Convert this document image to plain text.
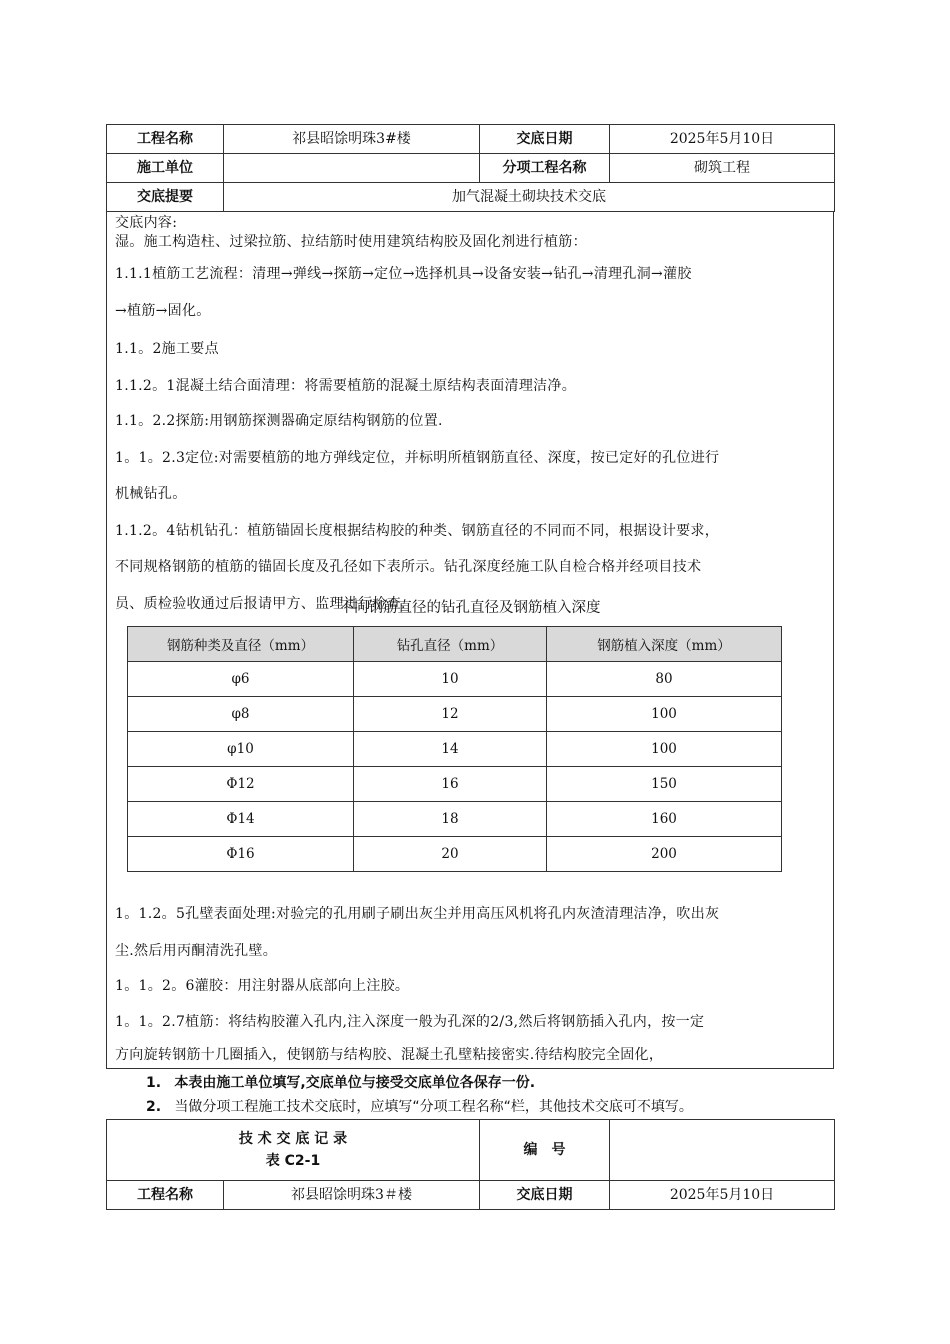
工程名称	祁县昭馀明珠3#楼	交底日期	2025年5月10日
施工单位		分项工程名称	砌筑工程
交底提要	加气混凝土砌块技术交底		

交底内容:

湿。施工构造柱、过梁拉筋、拉结筋时使用建筑结构胶及固化剂进行植筋：

1.1.1植筋工艺流程：清理→弹线→探筋→定位→选择机具→设备安装→钻孔→清理孔洞→灌胶

→植筋→固化。

1.1。2施工要点

1.1.2。1混凝土结合面清理：将需要植筋的混凝土原结构表面清理洁净。

1.1。2.2探筋:用钢筋探测器确定原结构钢筋的位置.

1。1。2.3定位:对需要植筋的地方弹线定位，并标明所植钢筋直径、深度，按已定好的孔位进行

机械钻孔。

1.1.2。4钻机钻孔：植筋锚固长度根据结构胶的种类、钢筋直径的不同而不同，根据设计要求，

不同规格钢筋的植筋的锚固长度及孔径如下表所示。钻孔深度经施工队自检合格并经项目技术

员、质检验收通过后报请甲方、监理进行检查.

不同钢筋直径的钻孔直径及钢筋植入深度
钢筋种类及直径（mm）	钻孔直径（mm）	钢筋植入深度（mm）
φ6	10	80
φ8	12	100
φ10	14	100
Φ12	16	150
Φ14	18	160
Φ16	20	200

1。1.2。5孔壁表面处理:对验完的孔用刷子刷出灰尘并用高压风机将孔内灰渣清理洁净，吹出灰

尘.然后用丙酮清洗孔壁。

1。1。2。6灌胶：用注射器从底部向上注胶。

1。1。2.7植筋：将结构胶灌入孔内,注入深度一般为孔深的2/3,然后将钢筋插入孔内，按一定

方向旋转钢筋十几圈插入，使钢筋与结构胶、混凝土孔壁粘接密实.待结构胶完全固化，

1. 本表由施工单位填写,交底单位与接受交底单位各保存一份.
2. 当做分项工程施工技术交底时，应填写“分项工程名称“栏，其他技术交底可不填写。
技 术 交 底 记 录
表 C2-1		编　号	
工程名称	祁县昭馀明珠3＃楼	交底日期	2025年5月10日
